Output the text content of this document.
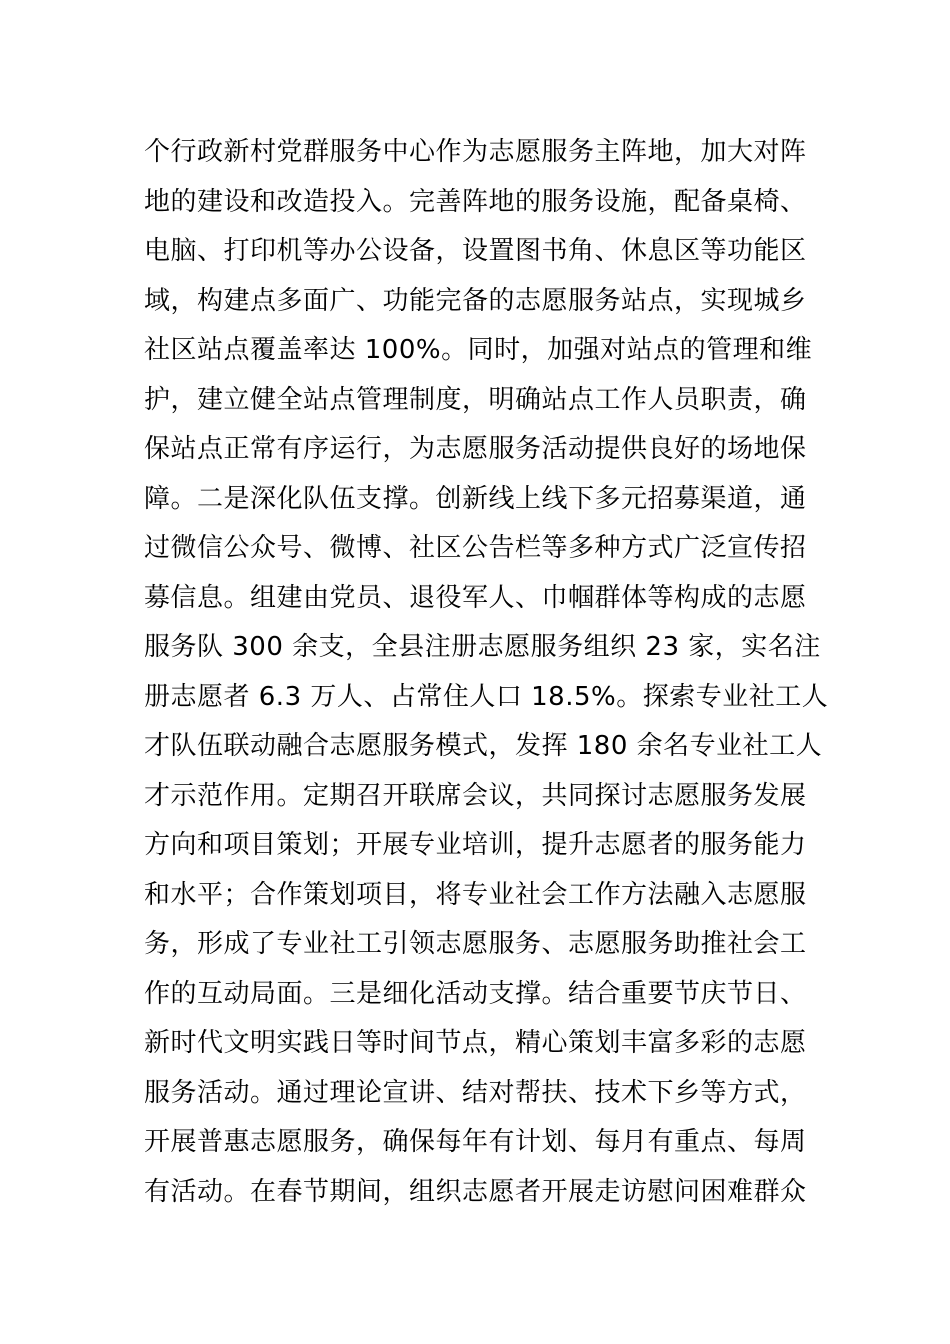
个行政新村党群服务中心作为志愿服务主阵地，加大对阵
地的建设和改造投入。完善阵地的服务设施，配备桌椅、
电脑、打印机等办公设备，设置图书角、休息区等功能区
域，构建点多面广、功能完备的志愿服务站点，实现城乡
社区站点覆盖率达 100%。同时，加强对站点的管理和维
护，建立健全站点管理制度，明确站点工作人员职责，确
保站点正常有序运行，为志愿服务活动提供良好的场地保
障。二是深化队伍支撑。创新线上线下多元招募渠道，通
过微信公众号、微博、社区公告栏等多种方式广泛宣传招
募信息。组建由党员、退役军人、巾帼群体等构成的志愿
服务队 300 余支，全县注册志愿服务组织 23 家，实名注
册志愿者 6.3 万人、占常住人口 18.5%。探索专业社工人
才队伍联动融合志愿服务模式，发挥 180 余名专业社工人
才示范作用。定期召开联席会议，共同探讨志愿服务发展
方向和项目策划；开展专业培训，提升志愿者的服务能力
和水平；合作策划项目，将专业社会工作方法融入志愿服
务，形成了专业社工引领志愿服务、志愿服务助推社会工
作的互动局面。三是细化活动支撑。结合重要节庆节日、
新时代文明实践日等时间节点，精心策划丰富多彩的志愿
服务活动。通过理论宣讲、结对帮扶、技术下乡等方式，
开展普惠志愿服务，确保每年有计划、每月有重点、每周
有活动。在春节期间，组织志愿者开展走访慰问困难群众
